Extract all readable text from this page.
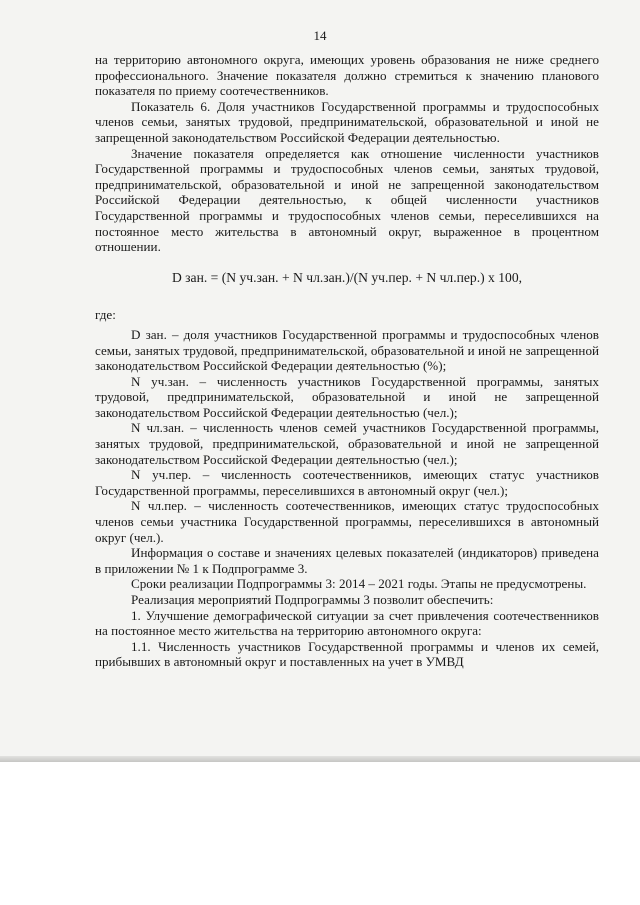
14

на территорию автономного округа, имеющих уровень образования не ниже среднего профессионального. Значение показателя должно стремиться к значению планового показателя по приему соотечественников.

Показатель 6. Доля участников Государственной программы и трудоспособных членов семьи, занятых трудовой, предпринимательской, образовательной и иной не запрещенной законодательством Российской Федерации деятельностью.

Значение показателя определяется как отношение численности участников Государственной программы и трудоспособных членов семьи, занятых трудовой, предпринимательской, образовательной и иной не запрещенной законодательством Российской Федерации деятельностью, к общей численности участников Государственной программы и трудоспособных членов семьи, переселившихся на постоянное место жительства в автономный округ, выраженное в процентном отношении.

D зан. = (N уч.зан. + N чл.зан.)/(N уч.пер. + N чл.пер.) x 100,

где:

D зан. – доля участников Государственной программы и трудоспособных членов семьи, занятых трудовой, предпринимательской, образовательной и иной не запрещенной законодательством Российской Федерации деятельностью (%);

N уч.зан. – численность участников Государственной программы, занятых трудовой, предпринимательской, образовательной и иной не запрещенной законодательством Российской Федерации деятельностью (чел.);

N чл.зан. – численность членов семей участников Государственной программы, занятых трудовой, предпринимательской, образовательной и иной не запрещенной законодательством Российской Федерации деятельностью (чел.);

N уч.пер. – численность соотечественников, имеющих статус участников Государственной программы, переселившихся в автономный округ (чел.);

N чл.пер. – численность соотечественников, имеющих статус трудоспособных членов семьи участника Государственной программы, переселившихся в автономный округ (чел.).

Информация о составе и значениях целевых показателей (индикаторов) приведена в приложении № 1 к Подпрограмме 3.

Сроки реализации Подпрограммы 3: 2014 – 2021 годы. Этапы не предусмотрены.

Реализация мероприятий Подпрограммы 3 позволит обеспечить:

1. Улучшение демографической ситуации за счет привлечения соотечественников на постоянное место жительства на территорию автономного округа:

1.1. Численность участников Государственной программы и членов их семей, прибывших в автономный округ и поставленных на учет в УМВД
